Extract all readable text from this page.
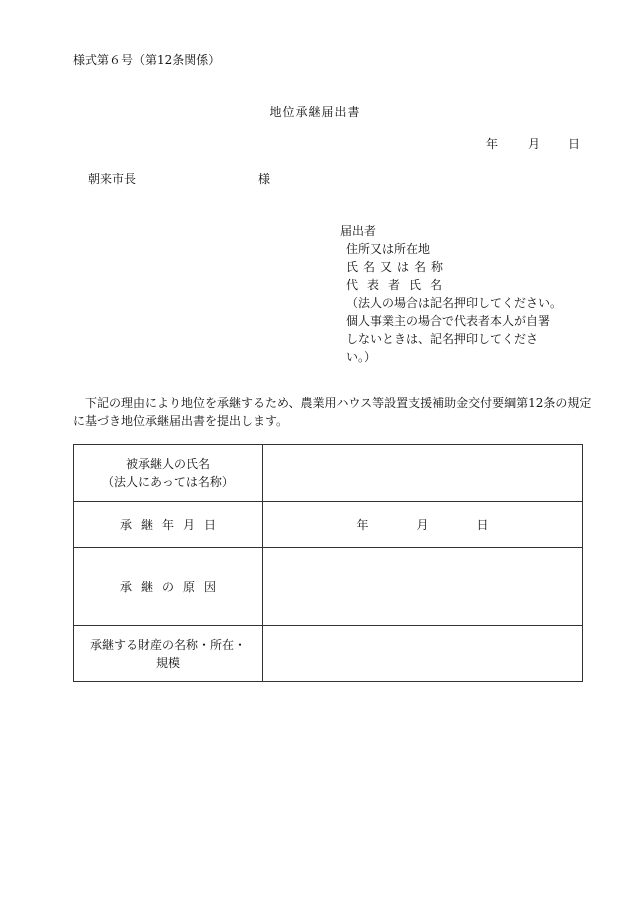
様式第６号（第12条関係）
地位承継届出書
年 月 日
朝来市長	様
届出者
住所又は所在地
氏名又は名称
代表者氏名
（法人の場合は記名押印してください。
個人事業主の場合で代表者本人が自署
しないときは、記名押印してくださ
い。）
下記の理由により地位を承継するため、農業用ハウス等設置支援補助金交付要綱第12条の規定に基づき地位承継届出書を提出します。
被承継人の氏名
（法人にあっては名称）	

承継年月日	年 月 日

承継の原因	

承継する財産の名称・所在・
規模	
